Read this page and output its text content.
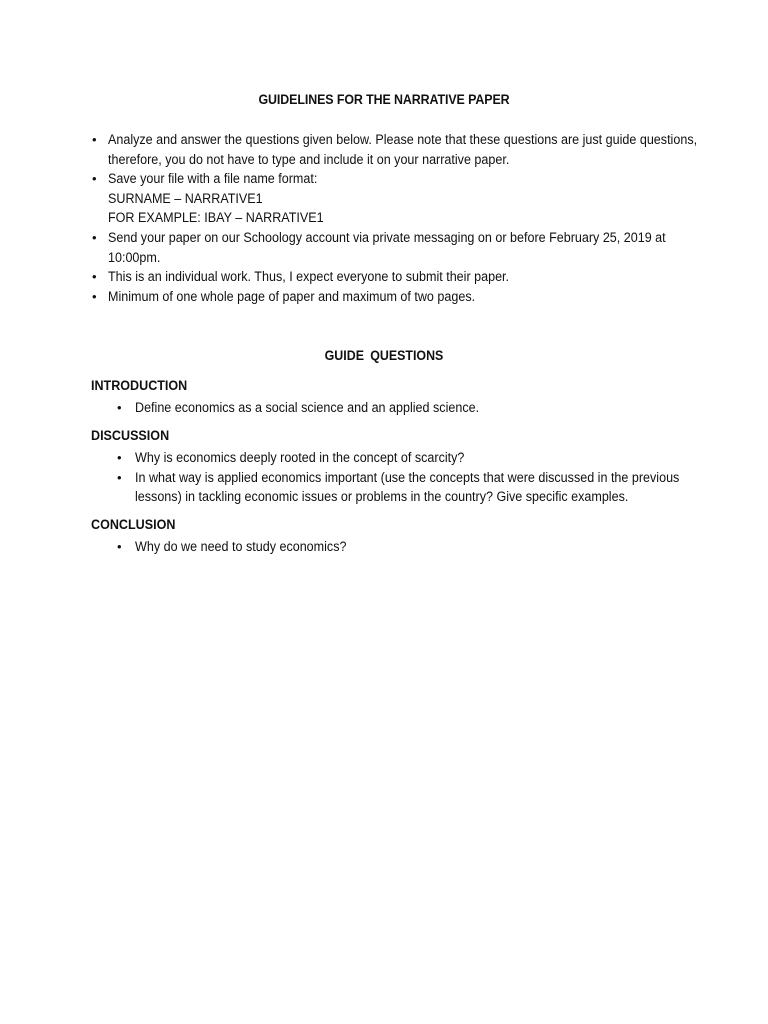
GUIDELINES FOR THE NARRATIVE PAPER
• Analyze and answer the questions given below. Please note that these questions are just guide questions,
therefore, you do not have to type and include it on your narrative paper.
• Save your file with a file name format:
SURNAME – NARRATIVE1
FOR EXAMPLE: IBAY – NARRATIVE1
• Send your paper on our Schoology account via private messaging on or before February 25, 2019 at
10:00pm.
• This is an individual work. Thus, I expect everyone to submit their paper.
• Minimum of one whole page of paper and maximum of two pages.
GUIDE QUESTIONS
INTRODUCTION
• Define economics as a social science and an applied science.
DISCUSSION
• Why is economics deeply rooted in the concept of scarcity?
• In what way is applied economics important (use the concepts that were discussed in the previous
lessons) in tackling economic issues or problems in the country? Give specific examples.
CONCLUSION
• Why do we need to study economics?
